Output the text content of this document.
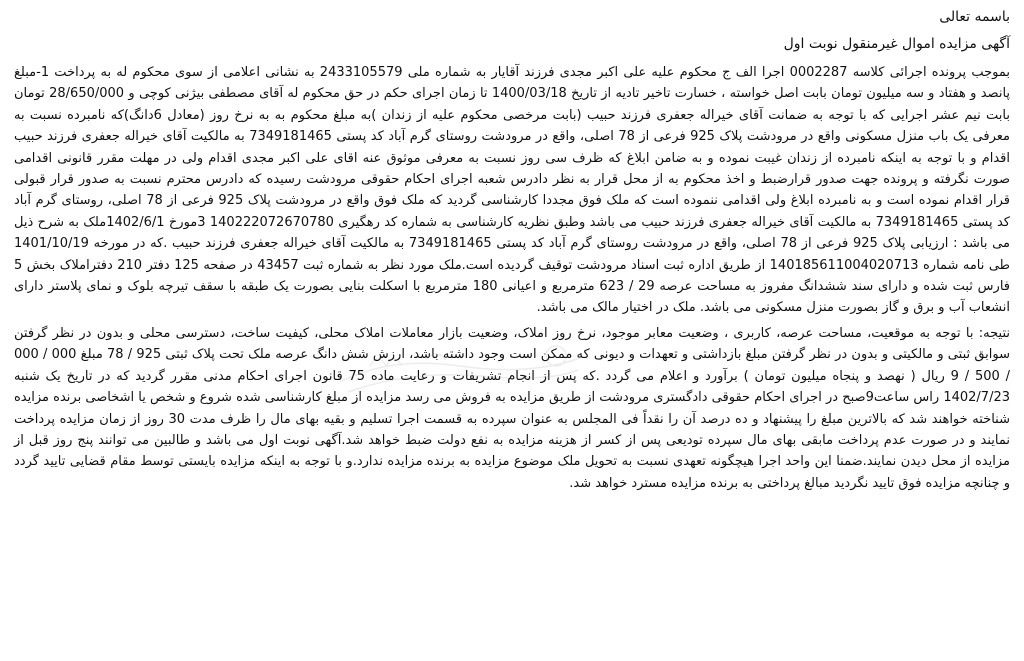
باسمه تعالی

آگهی مزایده اموال غیرمنقول نوبت اول

بموجب پرونده اجرائی کلاسه 0002287 اجرا الف ج محکوم علیه علی اکبر مجدی فرزند آقایار به شماره ملی 2433105579 به نشانی اعلامی از سوی محکوم له به پرداخت 1-مبلغ پانصد و هفتاد و سه میلیون تومان بابت اصل خواسته ، خسارت تاخیر تادیه از تاریخ 1400/03/18 تا زمان اجرای حکم در حق محکوم له آقای مصطفی بیژنی کوچی و 28/650/000 تومان بابت نیم عشر اجرایی که با توجه به ضمانت آقای خیراله جعفری فرزند حبیب (بابت مرخصی محکوم علیه از زندان )به مبلغ محکوم به به نرخ روز (معادل 6دانگ)که نامبرده نسبت به معرفی یک باب منزل مسکونی واقع در مرودشت پلاک 925 فرعی از 78 اصلی، واقع در مرودشت روستای گرم آباد کد پستی 7349181465 به مالکیت آقای خیراله جعفری فرزند حبیب اقدام و با توجه به اینکه نامبرده از زندان غیبت نموده و به ضامن ابلاغ که ظرف سی روز نسبت به معرفی موثوق عنه اقای علی اکبر مجدی اقدام ولی در مهلت مقرر قانونی اقدامی صورت نگرفته و پرونده جهت صدور قرارضبط و اخذ محکوم به از محل قرار به نظر دادرس شعبه اجرای احکام حقوقی مرودشت رسیده که دادرس محترم نسبت به صدور قرار قبولی قرار اقدام نموده است و به نامبرده ابلاغ ولی اقدامی ننموده است که ملک فوق مجددا کارشناسی گردید که ملک فوق واقع در مرودشت پلاک 925 فرعی از 78 اصلی، روستای گرم آباد کد پستی 7349181465 به مالکیت آقای خیراله جعفری فرزند حبیب می باشد وطبق نظریه کارشناسی به شماره کد رهگیری 140222072670780 3مورخ 1402/6/1ملک به شرح ذیل می باشد : ارزیابی پلاک 925 فرعی از 78 اصلی، واقع در مرودشت روستای گرم آباد کد پستی 7349181465 به مالکیت آقای خیراله جعفری فرزند حبیب .که در مورخه 1401/10/19 طی نامه شماره 140185611004020713 از طریق اداره ثبت اسناد مرودشت توقیف گردیده است.ملک مورد نظر به شماره ثبت 43457 در صفحه 125 دفتر 210 دفتراملاک بخش 5 فارس ثبت شده و دارای سند ششدانگ مفروز به مساحت عرصه 29 / 623 مترمربع و اعیانی 180 مترمربع با اسکلت بنایی بصورت یک طبقه با سقف تیرچه بلوک و نمای پلاستر دارای انشعاب آب و برق و گاز بصورت منزل مسکونی می باشد. ملک در اختیار مالک می باشد.

نتیجه: با توجه به موقعیت، مساحت عرصه، کاربری ، وضعیت معابر موجود، نرخ روز املاک، وضعیت بازار معاملات املاک محلی، کیفیت ساخت، دسترسی محلی و بدون در نظر گرفتن سوابق ثبتی و مالکیتی و بدون در نظر گرفتن مبلغ بازداشتی و تعهدات و دیونی که ممکن است وجود داشته باشد، ارزش شش دانگ عرصه ملک تحت پلاک ثبتی 925 / 78 مبلغ 000 / 000 / 500 / 9 ریال ( نهصد و پنجاه میلیون تومان ) برآورد و اعلام می گردد .که پس از انجام تشریفات و رعایت ماده 75 قانون اجرای احکام مدنی مقرر گردید که در تاریخ یک شنبه 1402/7/23 راس ساعت9صبح در اجرای احکام حقوقی دادگستری مرودشت از طریق مزایده به فروش می رسد مزایده از مبلغ کارشناسی شده شروع و شخص یا اشخاصی برنده مزایده شناخته خواهند شد که بالاترین مبلغ را پیشنهاد و ده درصد آن را نقداً فی المجلس به عنوان سپرده به قسمت اجرا تسلیم و بقیه بهای مال را ظرف مدت 30 روز از زمان مزایده پرداخت نمایند و در صورت عدم پرداخت مابقی بهای مال سپرده تودیعی پس از کسر از هزینه مزایده به نفع دولت ضبط خواهد شد.آگهی نوبت اول می باشد و طالبین می توانند پنج روز قبل از مزایده از محل دیدن نمایند.ضمنا این واحد اجرا هیچگونه تعهدی نسبت به تحویل ملک موضوع مزایده به برنده مزایده ندارد.و با توجه به اینکه مزایده بایستی توسط مقام قضایی تایید گردد و چنانچه مزایده فوق تایید نگردید مبالغ پرداختی به برنده مزایده مسترد خواهد شد.
